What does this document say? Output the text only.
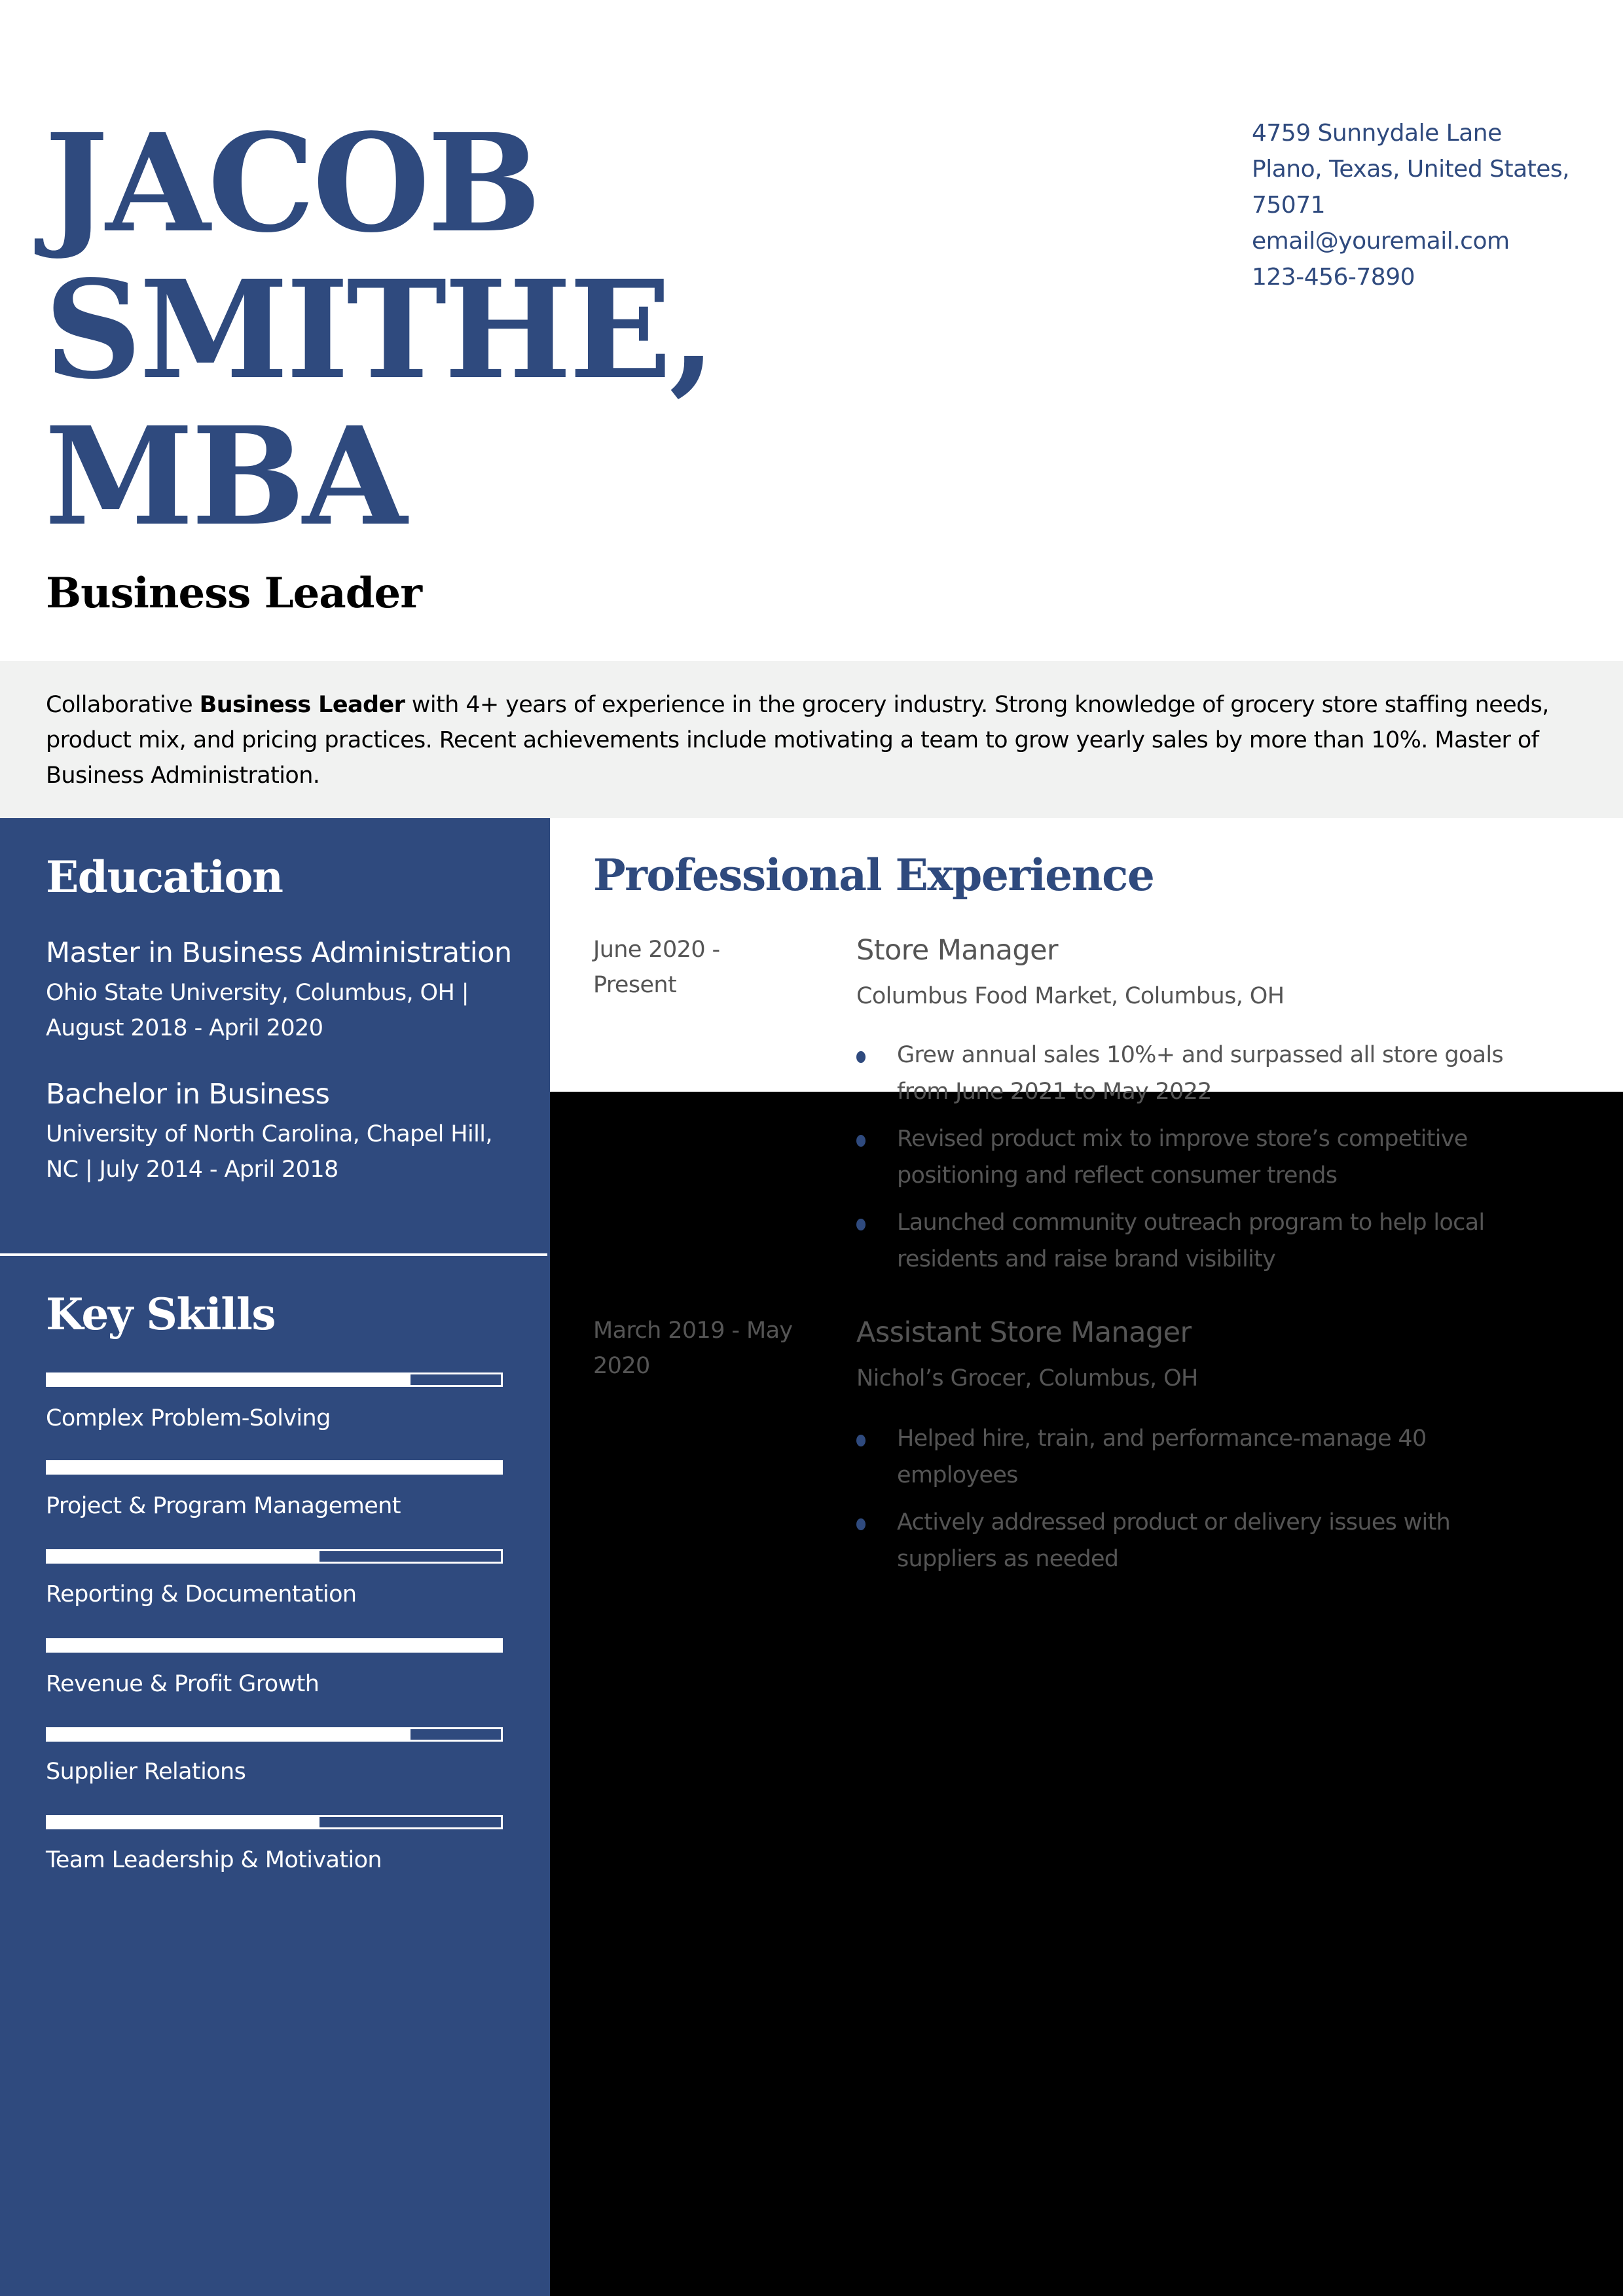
JACOB
SMITHE,
MBA
Business Leader
4759 Sunnydale Lane
Plano, Texas, United States,
75071
email@youremail.com
123-456-7890
Collaborative Business Leader with 4+ years of experience in the grocery industry. Strong knowledge of grocery store staffing needs, product mix, and pricing practices. Recent achievements include motivating a team to grow yearly sales by more than 10%. Master of Business Administration.
Education
Master in Business Administration
Ohio State University, Columbus, OH | August 2018 - April 2020
Bachelor in Business
University of North Carolina, Chapel Hill, NC | July 2014 - April 2018
Key Skills
Complex Problem-Solving
Project & Program Management
Reporting & Documentation
Revenue & Profit Growth
Supplier Relations
Team Leadership & Motivation
Professional Experience
June 2020 - Present
Store Manager
Columbus Food Market, Columbus, OH
Grew annual sales 10%+ and surpassed all store goals from June 2021 to May 2022
Revised product mix to improve store’s competitive positioning and reflect consumer trends
Launched community outreach program to help local residents and raise brand visibility
March 2019 - May 2020
Assistant Store Manager
Nichol’s Grocer, Columbus, OH
Helped hire, train, and performance-manage 40 employees
Actively addressed product or delivery issues with suppliers as needed
